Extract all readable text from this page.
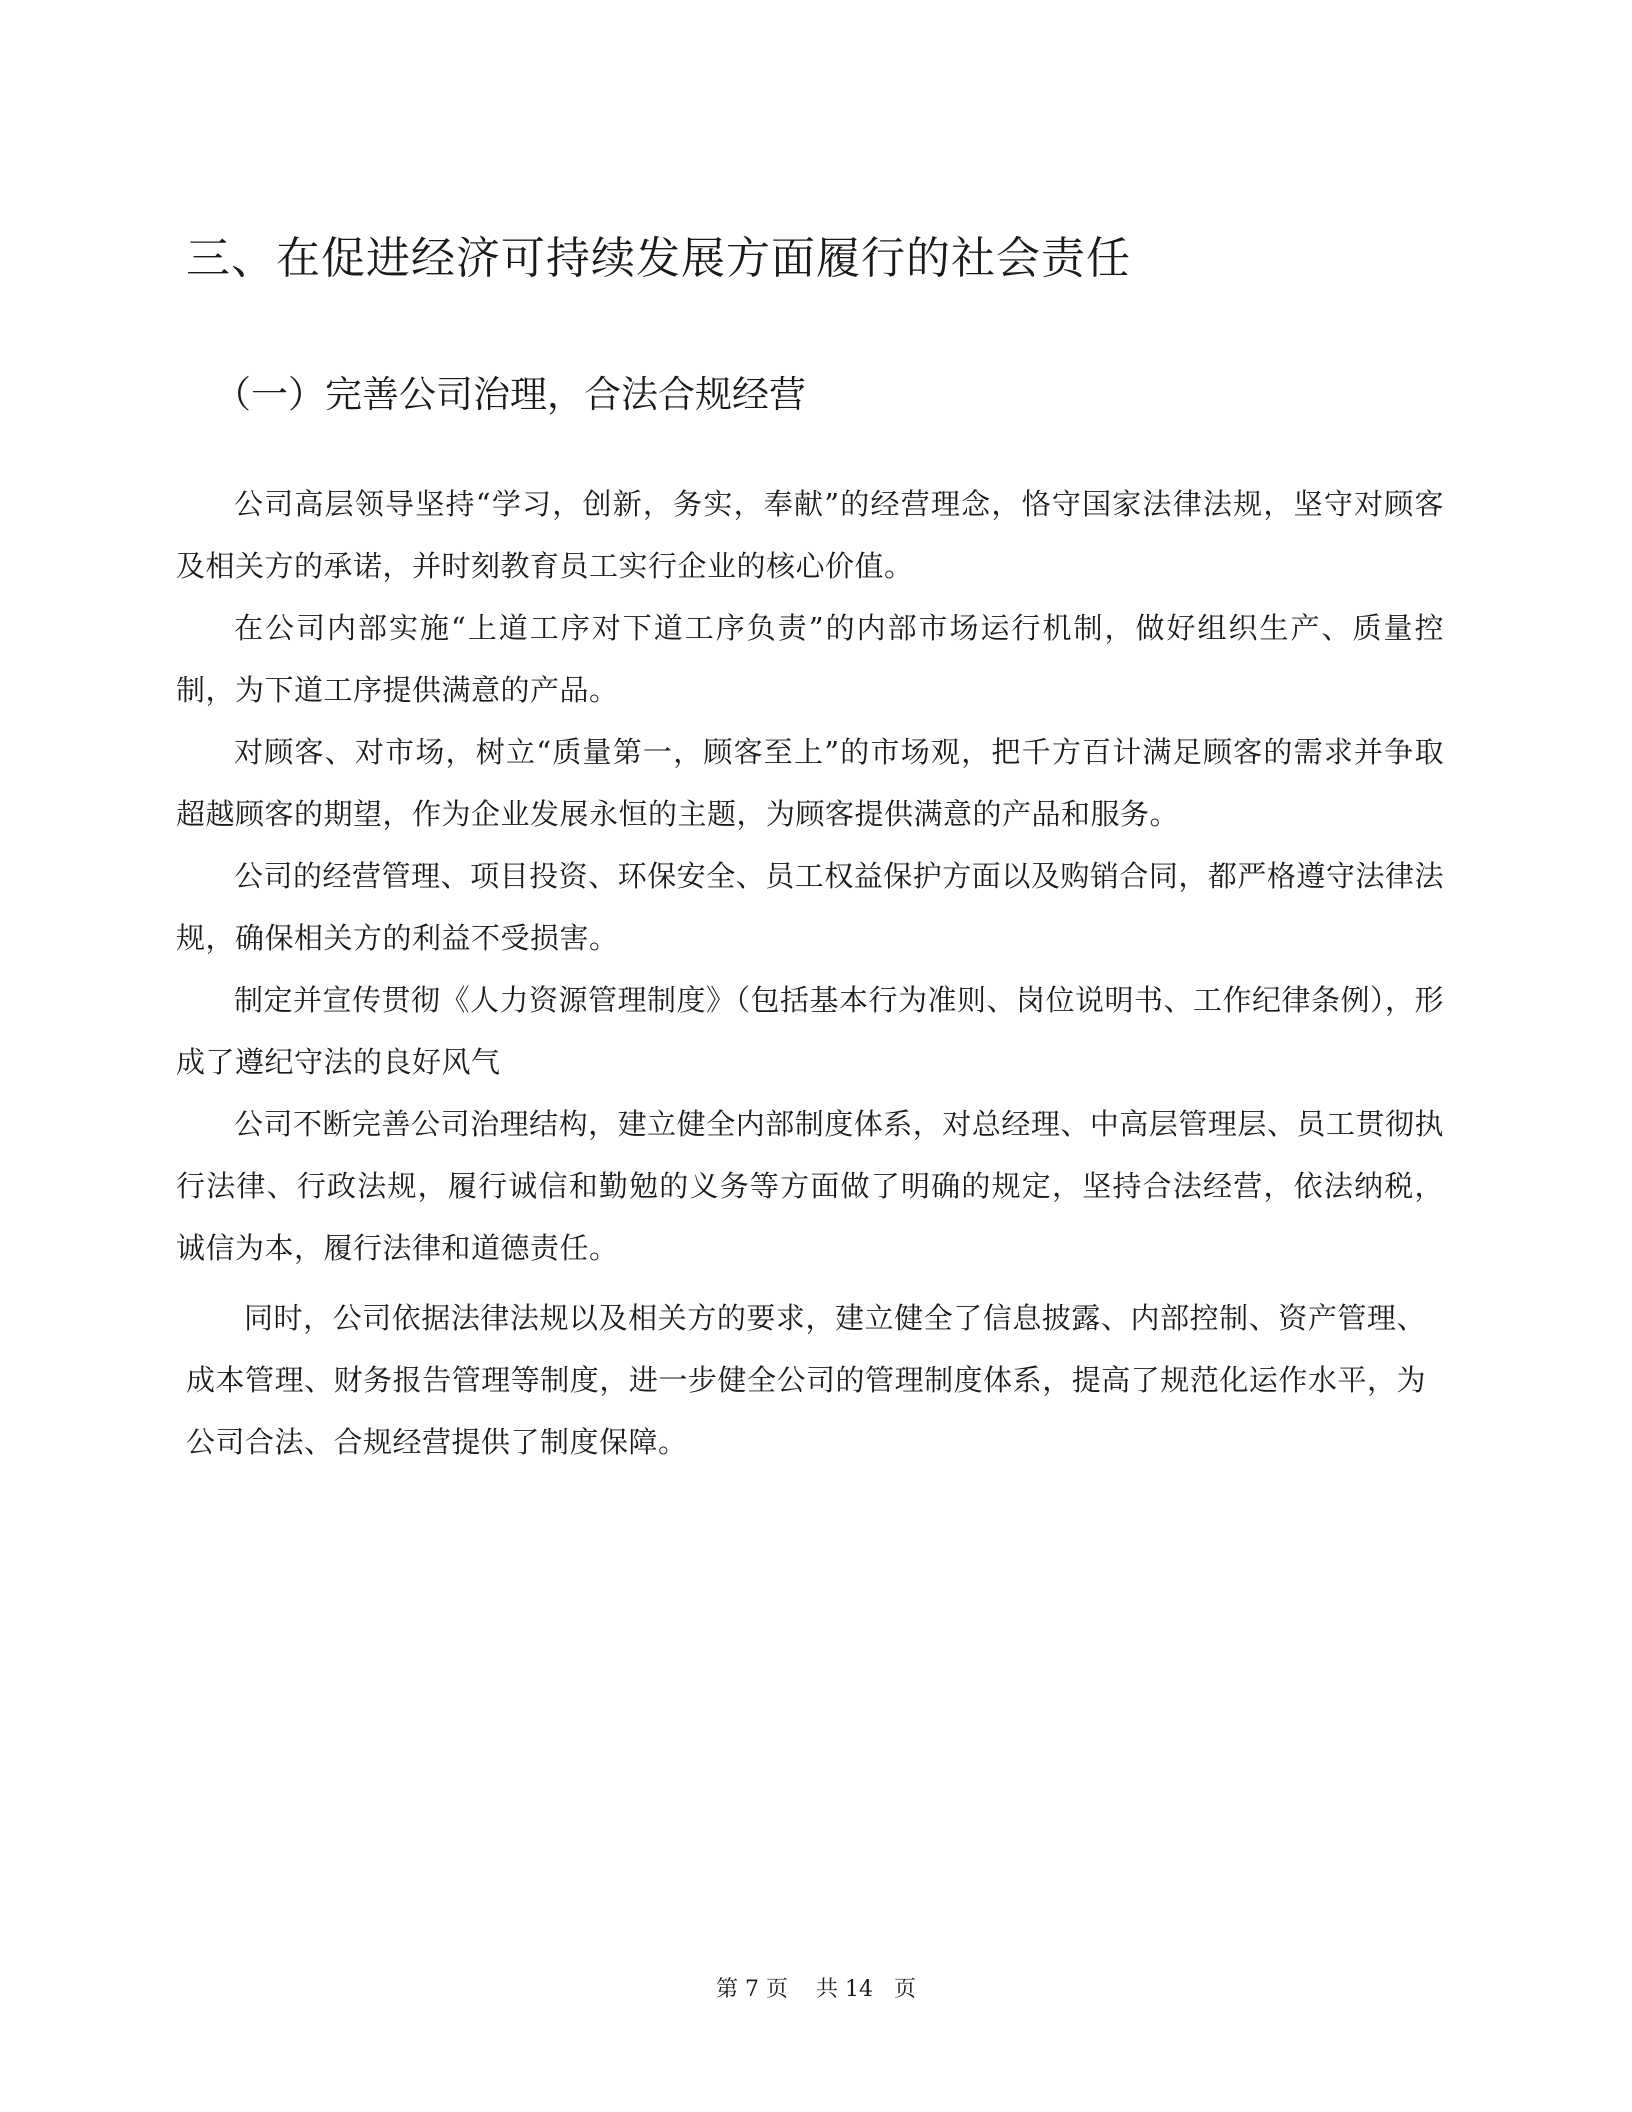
三、在促进经济可持续发展方面履行的社会责任
（一）完善公司治理，合法合规经营

公司高层领导坚持“学习，创新，务实，奉献”的经营理念，恪守国家法律法规，坚守对顾客及相关方的承诺，并时刻教育员工实行企业的核心价值。

在公司内部实施“上道工序对下道工序负责”的内部市场运行机制，做好组织生产、质量控制，为下道工序提供满意的产品。

对顾客、对市场，树立“质量第一，顾客至上”的市场观，把千方百计满足顾客的需求并争取超越顾客的期望，作为企业发展永恒的主题，为顾客提供满意的产品和服务。

公司的经营管理、项目投资、环保安全、员工权益保护方面以及购销合同，都严格遵守法律法规，确保相关方的利益不受损害。

制定并宣传贯彻《人力资源管理制度》（包括基本行为准则、岗位说明书、工作纪律条例），形成了遵纪守法的良好风气

公司不断完善公司治理结构，建立健全内部制度体系，对总经理、中高层管理层、员工贯彻执行法律、行政法规，履行诚信和勤勉的义务等方面做了明确的规定，坚持合法经营，依法纳税，诚信为本，履行法律和道德责任。

同时，公司依据法律法规以及相关方的要求，建立健全了信息披露、内部控制、资产管理、成本管理、财务报告管理等制度，进一步健全公司的管理制度体系，提高了规范化运作水平，为公司合法、合规经营提供了制度保障。

第 7 页    共 14   页
